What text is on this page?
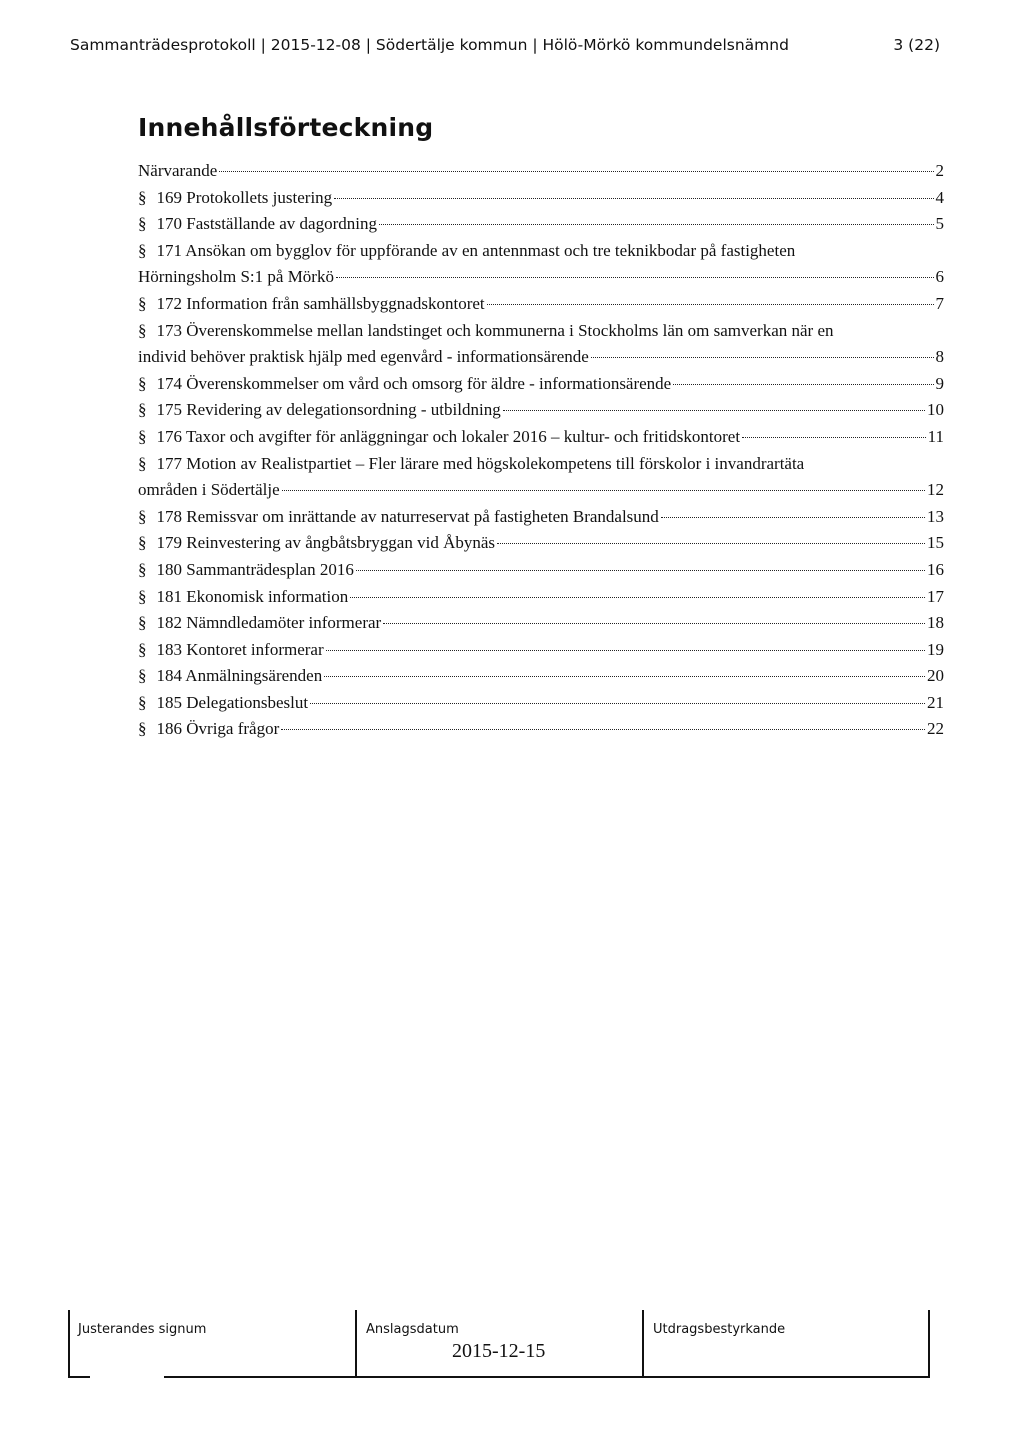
Sammanträdesprotokoll | 2015-12-08 | Södertälje kommun | Hölö-Mörkö kommundelsnämnd	3 (22)
Innehållsförteckning
Närvarande	2
§ 169 Protokollets justering	4
§ 170 Fastställande av dagordning	5
§ 171 Ansökan om bygglov för uppförande av en antennmast och tre teknikbodar på fastigheten
Hörningsholm S:1 på Mörkö	6
§ 172 Information från samhällsbyggnadskontoret	7
§ 173 Överenskommelse mellan landstinget och kommunerna i Stockholms län om samverkan när en
individ behöver praktisk hjälp med egenvård - informationsärende	8
§ 174 Överenskommelser om vård och omsorg för äldre - informationsärende	9
§ 175 Revidering av delegationsordning - utbildning	10
§ 176 Taxor och avgifter för anläggningar och lokaler 2016 – kultur- och fritidskontoret	11
§ 177 Motion av Realistpartiet – Fler lärare med högskolekompetens till förskolor i invandrartäta
områden i Södertälje	12
§ 178 Remissvar om inrättande av naturreservat på fastigheten Brandalsund	13
§ 179 Reinvestering av ångbåtsbryggan vid Åbynäs	15
§ 180 Sammanträdesplan 2016	16
§ 181 Ekonomisk information	17
§ 182 Nämndledamöter informerar	18
§ 183 Kontoret informerar	19
§ 184 Anmälningsärenden	20
§ 185 Delegationsbeslut	21
§ 186 Övriga frågor	22
Justerandes signum	Anslagsdatum	Utdragsbestyrkande
2015-12-15
